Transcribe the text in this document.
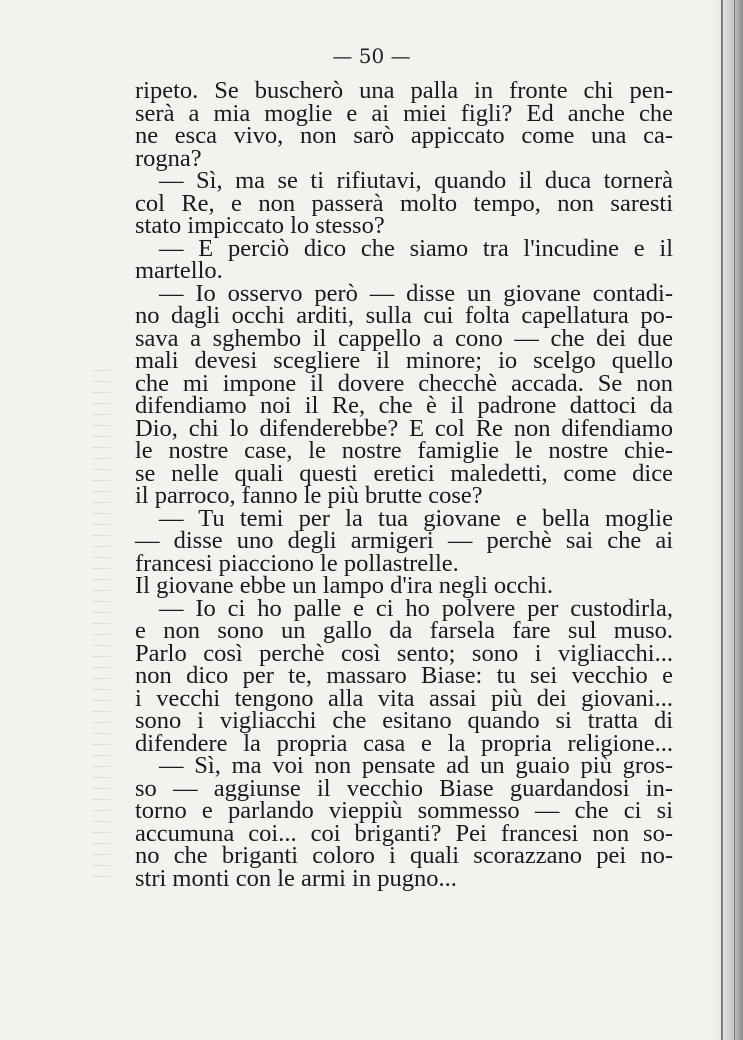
— 50 —
ripeto. Se buscherò una palla in fronte chi pen-
serà a mia moglie e ai miei figli? Ed anche che
ne esca vivo, non sarò appiccato come una ca-
rogna?
— Sì, ma se ti rifiutavi, quando il duca tornerà
col Re, e non passerà molto tempo, non saresti
stato impiccato lo stesso?
— E perciò dico che siamo tra l'incudine e il
martello.
— Io osservo però — disse un giovane contadi-
no dagli occhi arditi, sulla cui folta capellatura po-
sava a sghembo il cappello a cono — che dei due
mali devesi scegliere il minore; io scelgo quello
che mi impone il dovere checchè accada. Se non
difendiamo noi il Re, che è il padrone dattoci da
Dio, chi lo difenderebbe? E col Re non difendiamo
le nostre case, le nostre famiglie le nostre chie-
se nelle quali questi eretici maledetti, come dice
il parroco, fanno le più brutte cose?
— Tu temi per la tua giovane e bella moglie
— disse uno degli armigeri — perchè sai che ai
francesi piacciono le pollastrelle.
Il giovane ebbe un lampo d'ira negli occhi.
— Io ci ho palle e ci ho polvere per custodirla,
e non sono un gallo da farsela fare sul muso.
Parlo così perchè così sento; sono i vigliacchi...
non dico per te, massaro Biase: tu sei vecchio e
i vecchi tengono alla vita assai più dei giovani...
sono i vigliacchi che esitano quando si tratta di
difendere la propria casa e la propria religione...
— Sì, ma voi non pensate ad un guaio più gros-
so — aggiunse il vecchio Biase guardandosi in-
torno e parlando vieppiù sommesso — che ci si
accumuna coi... coi briganti? Pei francesi non so-
no che briganti coloro i quali scorazzano pei no-
stri monti con le armi in pugno...
